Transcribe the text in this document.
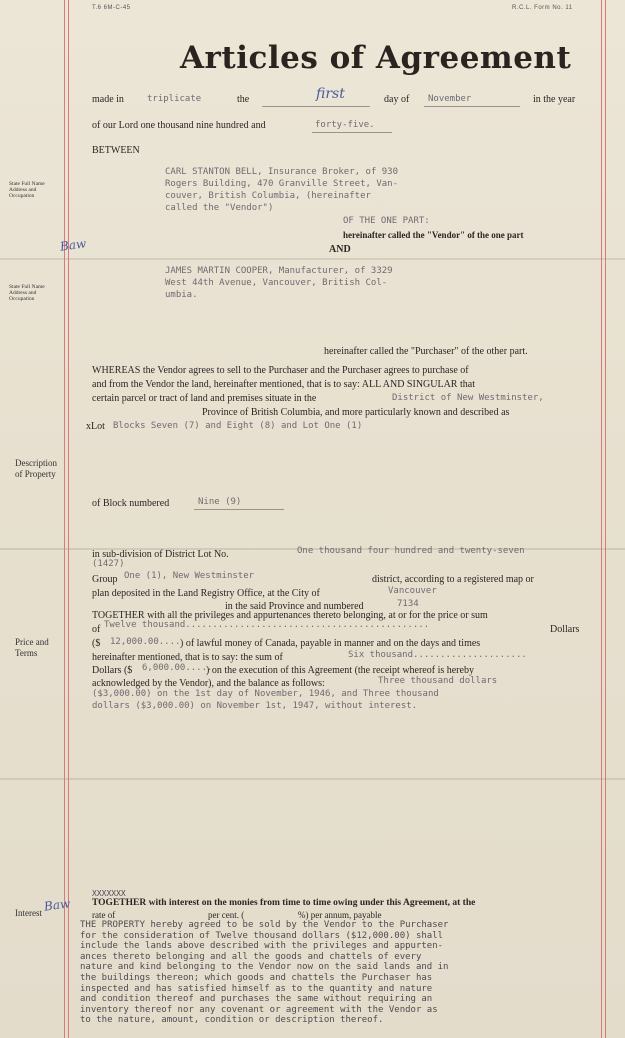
T.6 6M-C-45	R.C.L. Form No. 11
Articles of Agreement
made in	triplicate	the	first	day of November	in the year
of our Lord one thousand nine hundred and	forty-five.
BETWEEN
State Full Name
Address and
Occupation
CARL STANTON BELL, Insurance Broker, of 930
Rogers Building, 470 Granville Street, Van-
couver, British Columbia, (hereinafter
called the "Vendor")
OF THE ONE PART:
hereinafter called the "Vendor" of the one part
AND
Baw
State Full Name
Address and
Occupation
JAMES MARTIN COOPER, Manufacturer, of 3329
West 44th Avenue, Vancouver, British Col-
umbia.
hereinafter called the "Purchaser" of the other part.
WHEREAS the Vendor agrees to sell to the Purchaser and the Purchaser agrees to purchase of
and from the Vendor the land, hereinafter mentioned, that is to say: ALL AND SINGULAR that
certain parcel or tract of land and premises situate in the	District of New Westminster,
Province of British Columbia, and more particularly known and described as
xLot Blocks Seven (7) and Eight (8) and Lot One (1)
Description
of Property
of Block numbered	Nine (9)
in sub-division of District Lot No.	One thousand four hundred and twenty-seven
(1427)
Group One (1), New Westminster	district, according to a registered map or
plan deposited in the Land Registry Office, at the City of	Vancouver
in the said Province and numbered	7134
TOGETHER with all the privileges and appurtenances thereto belonging, at or for the price or sum
of Twelve thousand.............................................	Dollars
($ 12,000.00.... ) of lawful money of Canada, payable in manner and on the days and times
hereinafter mentioned, that is to say: the sum of	Six thousand.....................
Dollars ($ 6,000.00.....
) on the execution of this Agreement (the receipt whereof is hereby
acknowledged by the Vendor), and the balance as follows:	Three thousand dollars
($3,000.00) on the 1st day of November, 1946, and Three thousand
dollars ($3,000.00) on November 1st, 1947, without interest.
Price and
Terms
Interest Baw
XXXXXXX
TOGETHER with interest on the monies from time to time owing under this Agreement, at the
rate of	per cent. (	%) per annum, payable
THE PROPERTY hereby agreed to be sold by the Vendor to the Purchaser
for the consideration of Twelve thousand dollars ($12,000.00) shall
include the lands above described with the privileges and appurten-
ances thereto belonging and all the goods and chattels of every
nature and kind belonging to the Vendor now on the said lands and in
the buildings thereon; which goods and chattels the Purchaser has
inspected and has satisfied himself as to the quantity and nature
and condition thereof and purchases the same without requiring an
inventory thereof nor any covenant or agreement with the Vendor as
to the nature, amount, condition or description thereof.
